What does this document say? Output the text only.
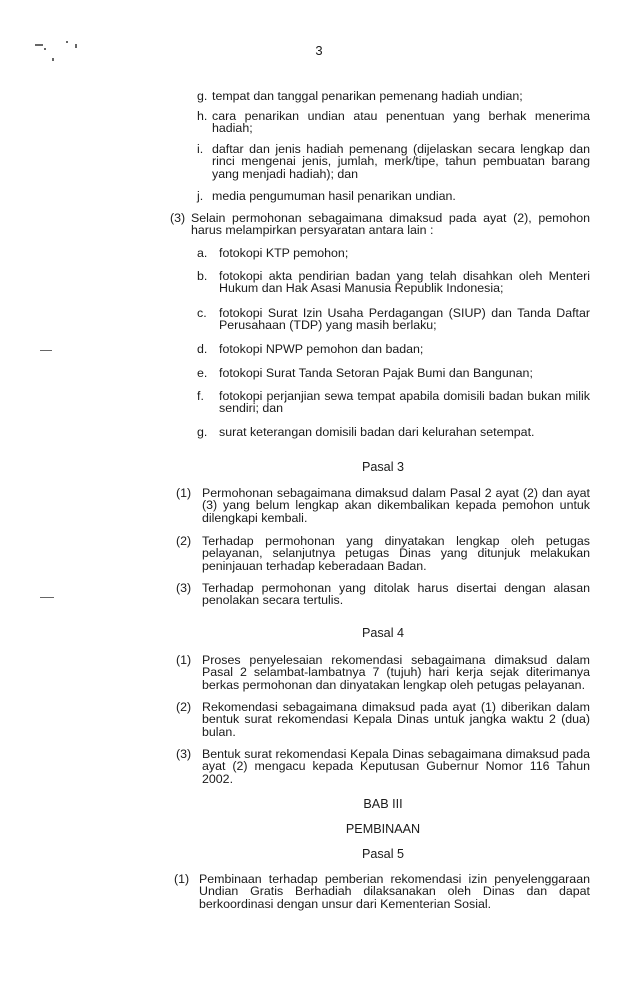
3
g. tempat dan tanggal penarikan pemenang hadiah undian;
h. cara penarikan undian atau penentuan yang berhak menerima hadiah;
i. daftar dan jenis hadiah pemenang (dijelaskan secara lengkap dan rinci mengenai jenis, jumlah, merk/tipe, tahun pembuatan barang yang menjadi hadiah); dan
j. media pengumuman hasil penarikan undian.
(3) Selain permohonan sebagaimana dimaksud pada ayat (2), pemohon harus melampirkan persyaratan antara lain :
a. fotokopi KTP pemohon;
b. fotokopi akta pendirian badan yang telah disahkan oleh Menteri Hukum dan Hak Asasi Manusia Republik Indonesia;
c. fotokopi Surat Izin Usaha Perdagangan (SIUP) dan Tanda Daftar Perusahaan (TDP) yang masih berlaku;
d. fotokopi NPWP pemohon dan badan;
e. fotokopi Surat Tanda Setoran Pajak Bumi dan Bangunan;
f. fotokopi perjanjian sewa tempat apabila domisili badan bukan milik sendiri; dan
g. surat keterangan domisili badan dari kelurahan setempat.
Pasal 3
(1) Permohonan sebagaimana dimaksud dalam Pasal 2 ayat (2) dan ayat (3) yang belum lengkap akan dikembalikan kepada pemohon untuk dilengkapi kembali.
(2) Terhadap permohonan yang dinyatakan lengkap oleh petugas pelayanan, selanjutnya petugas Dinas yang ditunjuk melakukan peninjauan terhadap keberadaan Badan.
(3) Terhadap permohonan yang ditolak harus disertai dengan alasan penolakan secara tertulis.
Pasal 4
(1) Proses penyelesaian rekomendasi sebagaimana dimaksud dalam Pasal 2 selambat-lambatnya 7 (tujuh) hari kerja sejak diterimanya berkas permohonan dan dinyatakan lengkap oleh petugas pelayanan.
(2) Rekomendasi sebagaimana dimaksud pada ayat (1) diberikan dalam bentuk surat rekomendasi Kepala Dinas untuk jangka waktu 2 (dua) bulan.
(3) Bentuk surat rekomendasi Kepala Dinas sebagaimana dimaksud pada ayat (2) mengacu kepada Keputusan Gubernur Nomor 116 Tahun 2002.
BAB III
PEMBINAAN
Pasal 5
(1) Pembinaan terhadap pemberian rekomendasi izin penyelenggaraan Undian Gratis Berhadiah dilaksanakan oleh Dinas dan dapat berkoordinasi dengan unsur dari Kementerian Sosial.
